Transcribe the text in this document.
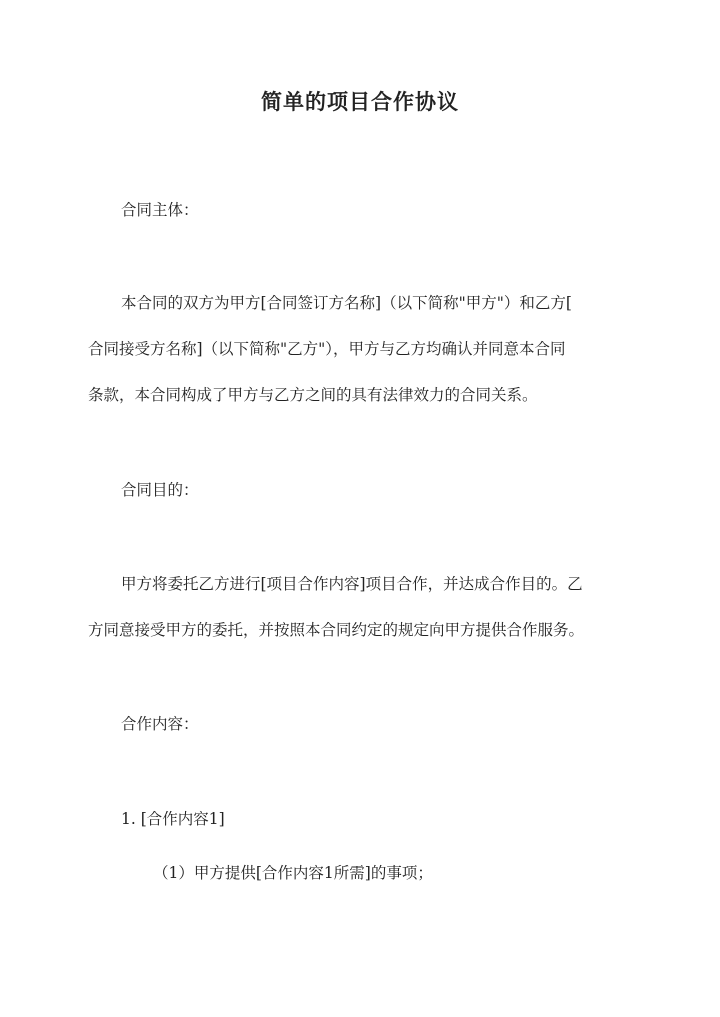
简单的项目合作协议

合同主体：

本合同的双方为甲方[合同签订方名称]（以下简称"甲方"）和乙方[

合同接受方名称]（以下简称"乙方"），甲方与乙方均确认并同意本合同

条款，本合同构成了甲方与乙方之间的具有法律效力的合同关系。

合同目的：

甲方将委托乙方进行[项目合作内容]项目合作，并达成合作目的。乙

方同意接受甲方的委托，并按照本合同约定的规定向甲方提供合作服务。

合作内容：

1. [合作内容1]

（1）甲方提供[合作内容1所需]的事项；
